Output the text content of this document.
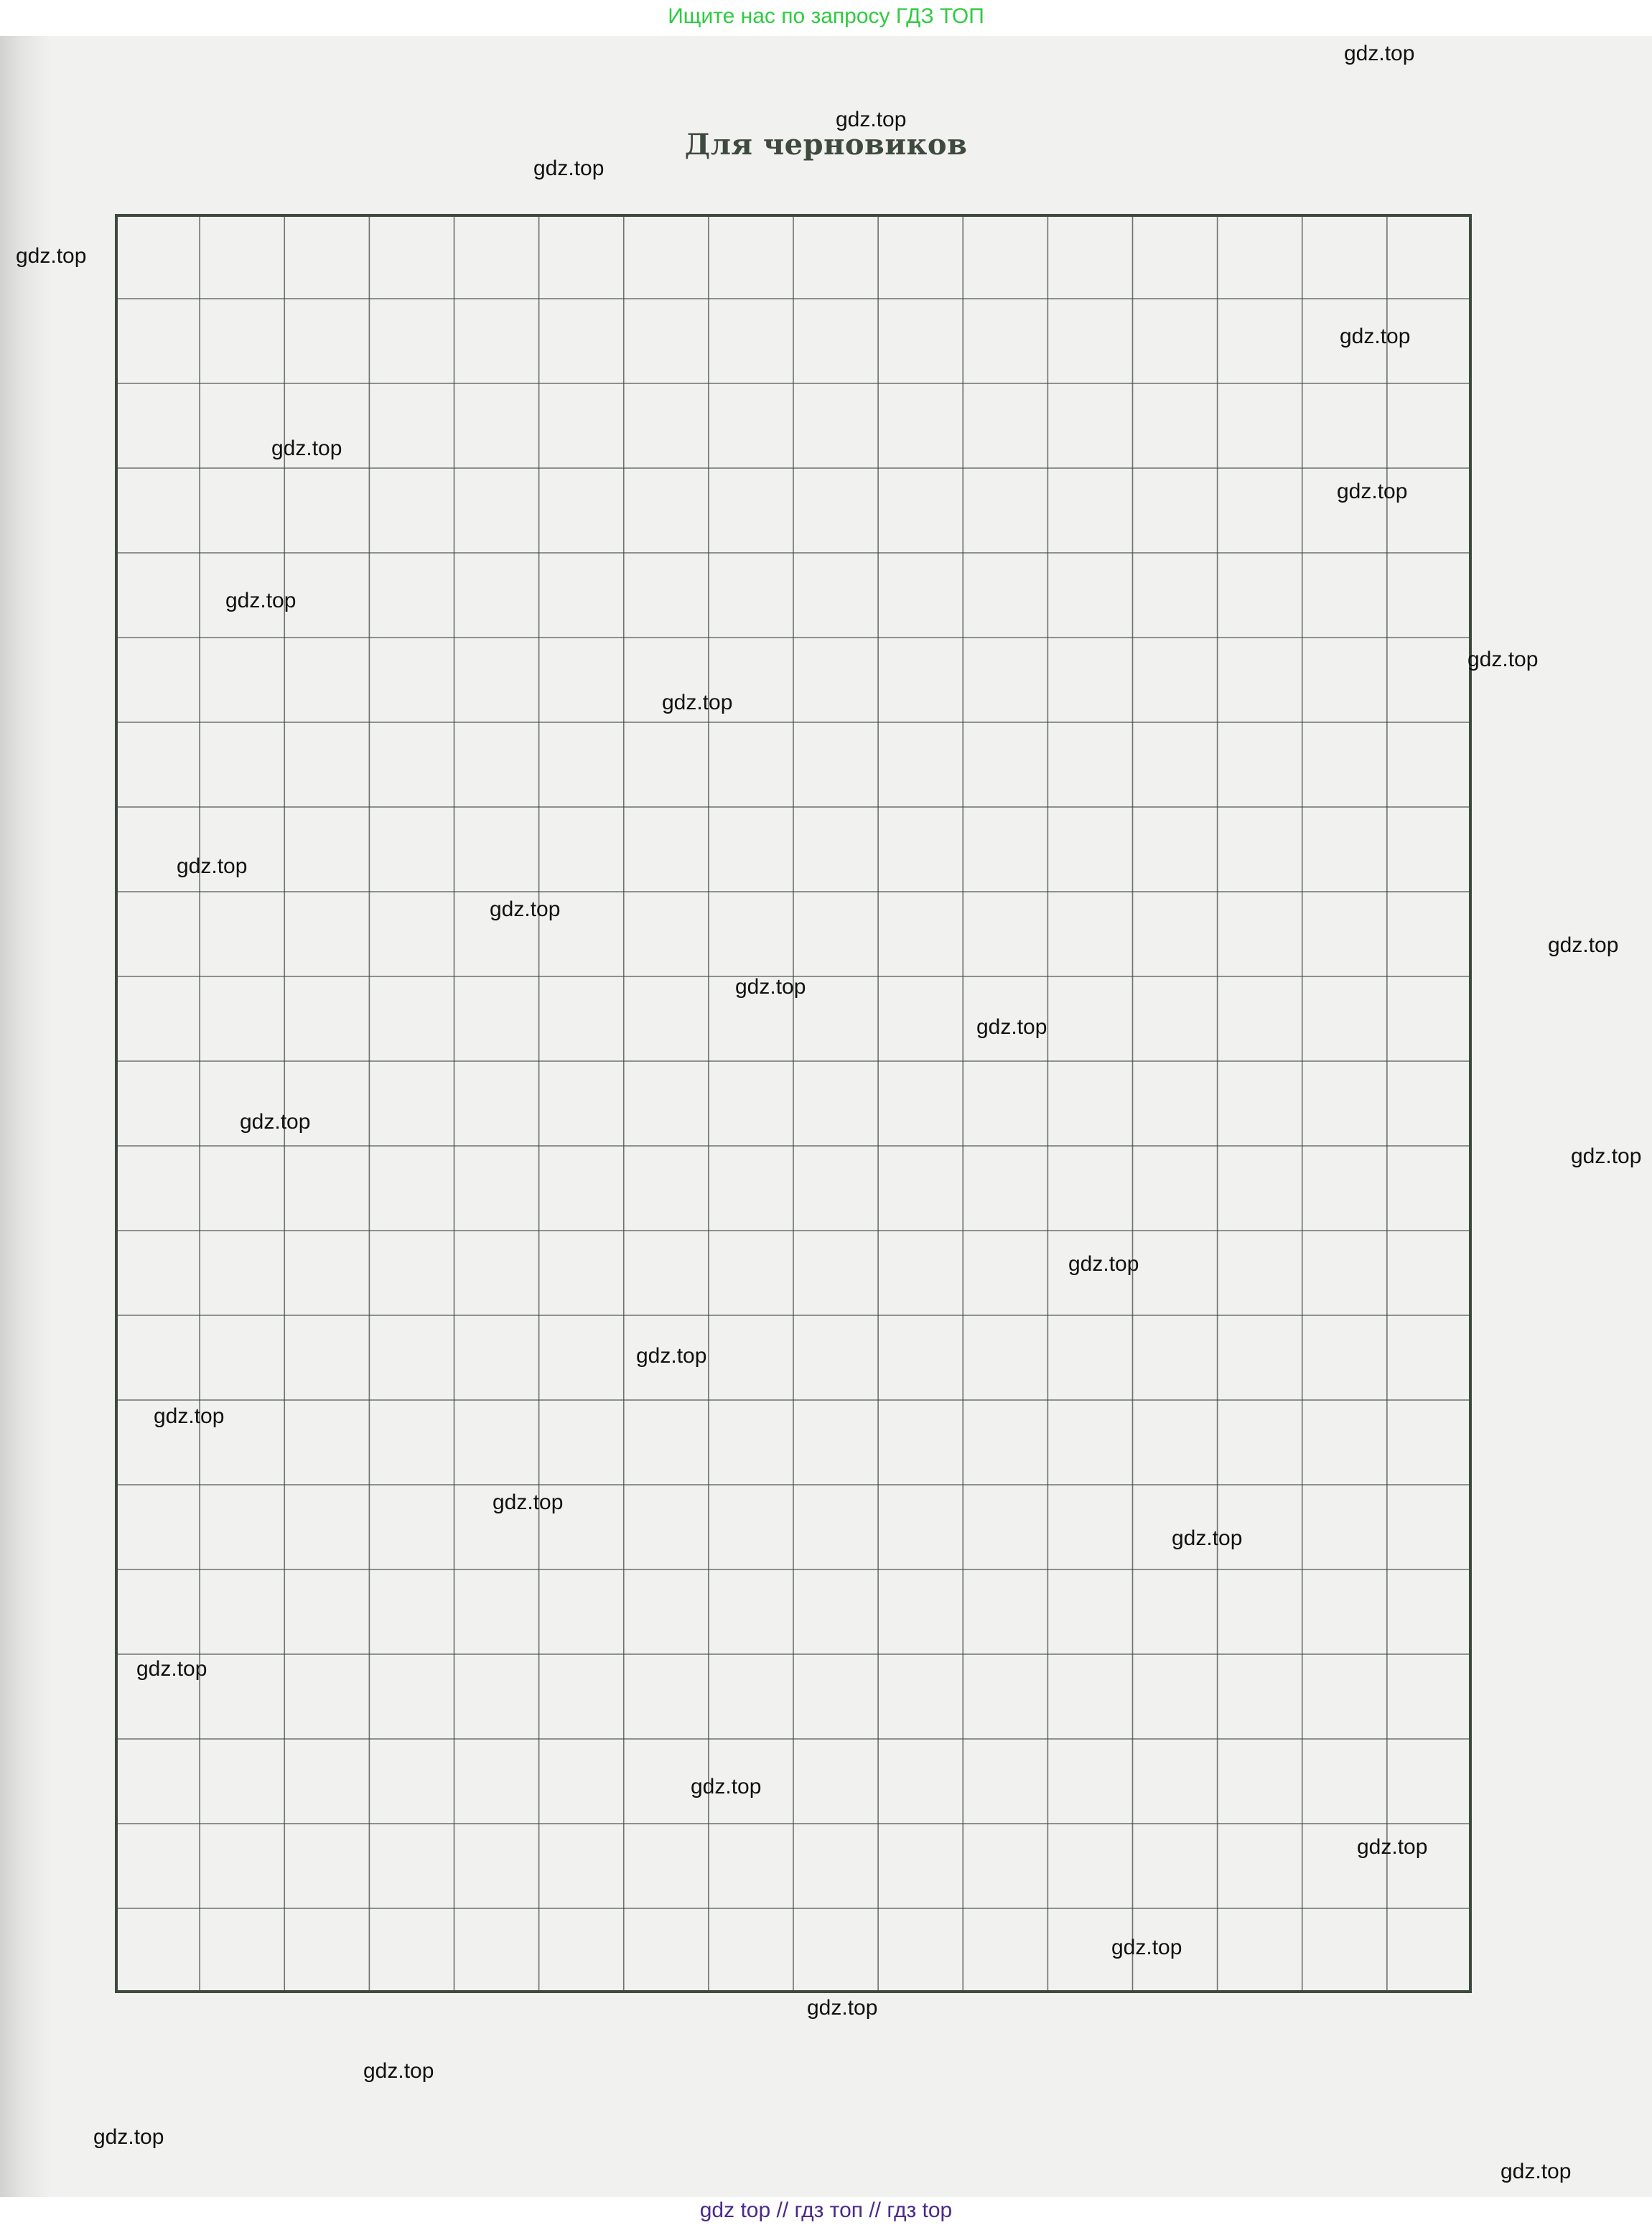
Ищите нас по запросу ГДЗ ТОП
Для черновиков
gdz.top
gdz.top
gdz.top
gdz.top
gdz.top
gdz.top
gdz.top
gdz.top
gdz.top
gdz.top
gdz.top
gdz.top
gdz.top
gdz.top
gdz.top
gdz.top
gdz.top
gdz.top
gdz.top
gdz.top
gdz.top
gdz.top
gdz.top
gdz.top
gdz.top
gdz.top
gdz.top
gdz.top
gdz.top
gdz.top
gdz top // гдз топ // гдз top
